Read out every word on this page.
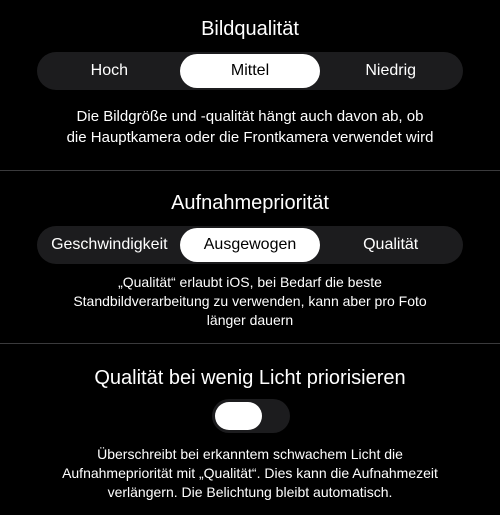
Bildqualität
Hoch	Mittel	Niedrig
Die Bildgröße und -qualität hängt auch davon ab, ob
die Hauptkamera oder die Frontkamera verwendet wird
Aufnahmepriorität
Geschwindigkeit	Ausgewogen	Qualität
„Qualität“ erlaubt iOS, bei Bedarf die beste
Standbildverarbeitung zu verwenden, kann aber pro Foto
länger dauern
Qualität bei wenig Licht priorisieren
Überschreibt bei erkanntem schwachem Licht die
Aufnahmepriorität mit „Qualität“. Dies kann die Aufnahmezeit
verlängern. Die Belichtung bleibt automatisch.
